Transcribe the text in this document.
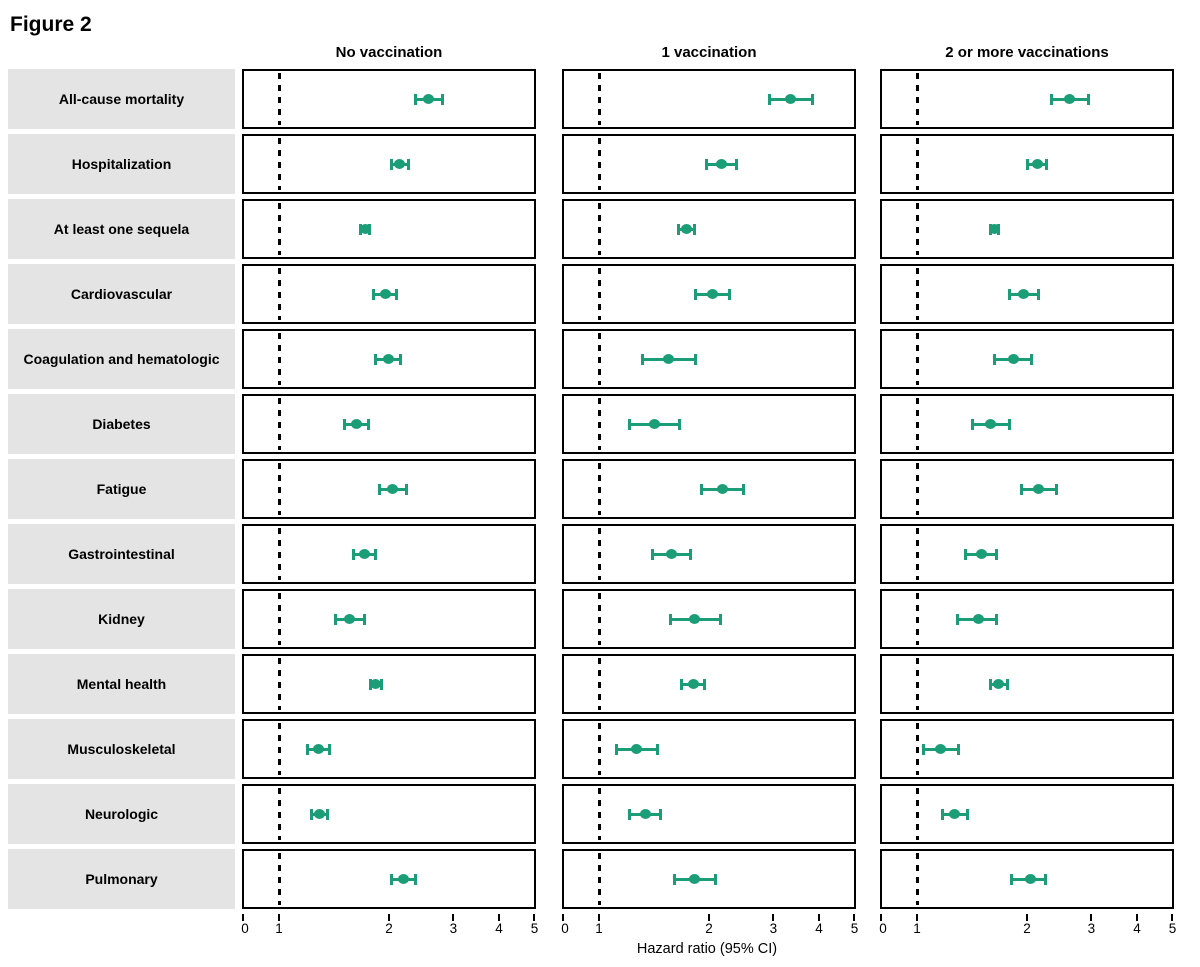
Figure 2
No vaccination	1 vaccination	2 or more vaccinations
All-cause mortality
Hospitalization
At least one sequela
Cardiovascular
Coagulation and hematologic
Diabetes
Fatigue
Gastrointestinal
Kidney
Mental health
Musculoskeletal
Neurologic
Pulmonary
0 1	2	3	4 5 0 1	2	3	4 5 0 1	2	3	4 5
Hazard ratio (95% CI)
